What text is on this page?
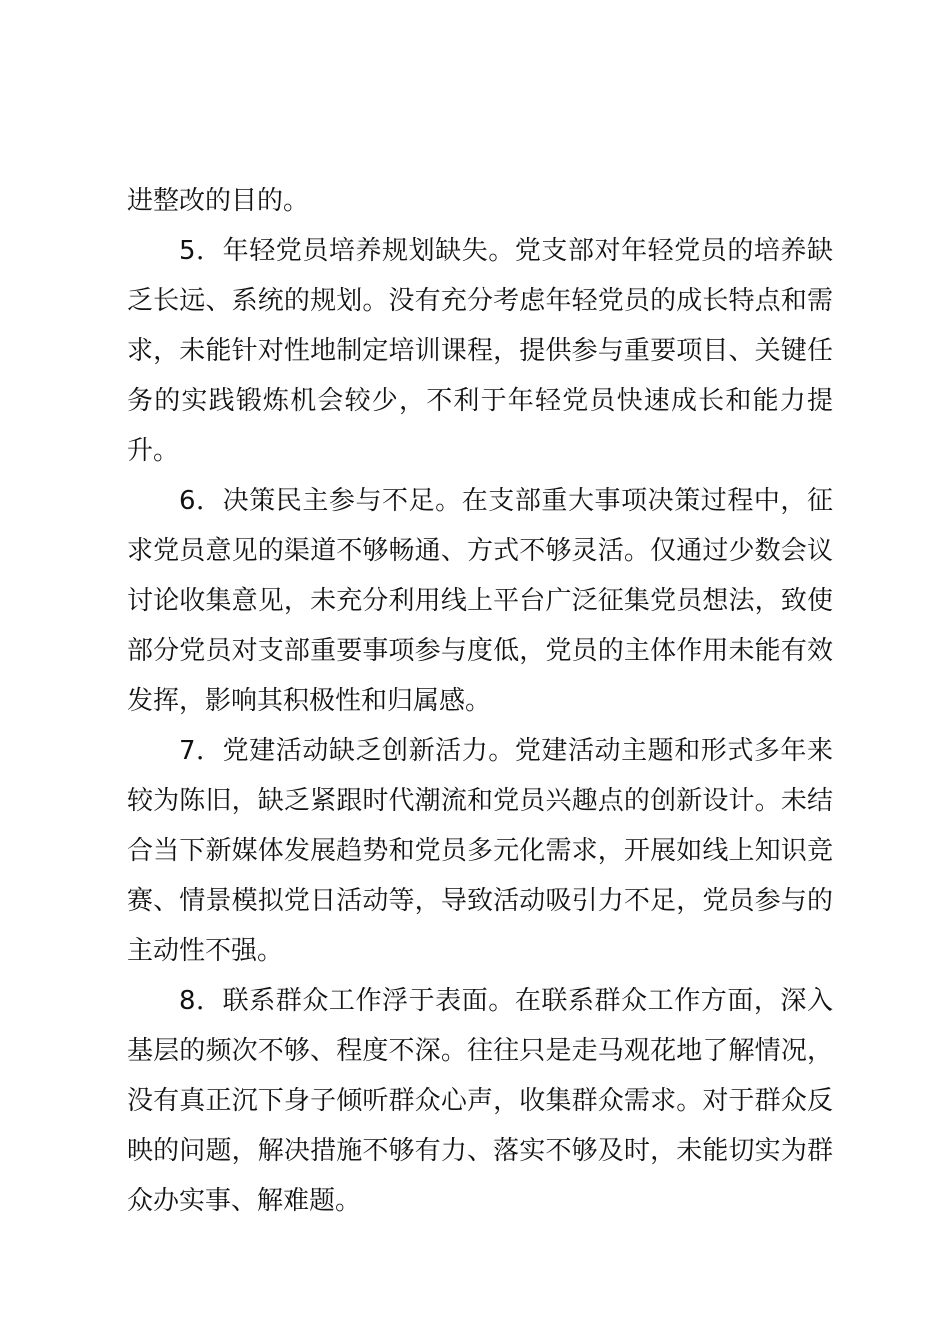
进整改的目的。

5．年轻党员培养规划缺失。党支部对年轻党员的培养缺乏长远、系统的规划。没有充分考虑年轻党员的成长特点和需求，未能针对性地制定培训课程，提供参与重要项目、关键任务的实践锻炼机会较少，不利于年轻党员快速成长和能力提升。

6．决策民主参与不足。在支部重大事项决策过程中，征求党员意见的渠道不够畅通、方式不够灵活。仅通过少数会议讨论收集意见，未充分利用线上平台广泛征集党员想法，致使部分党员对支部重要事项参与度低，党员的主体作用未能有效发挥，影响其积极性和归属感。

7．党建活动缺乏创新活力。党建活动主题和形式多年来较为陈旧，缺乏紧跟时代潮流和党员兴趣点的创新设计。未结合当下新媒体发展趋势和党员多元化需求，开展如线上知识竞赛、情景模拟党日活动等，导致活动吸引力不足，党员参与的主动性不强。

8．联系群众工作浮于表面。在联系群众工作方面，深入基层的频次不够、程度不深。往往只是走马观花地了解情况，没有真正沉下身子倾听群众心声，收集群众需求。对于群众反映的问题，解决措施不够有力、落实不够及时，未能切实为群众办实事、解难题。
